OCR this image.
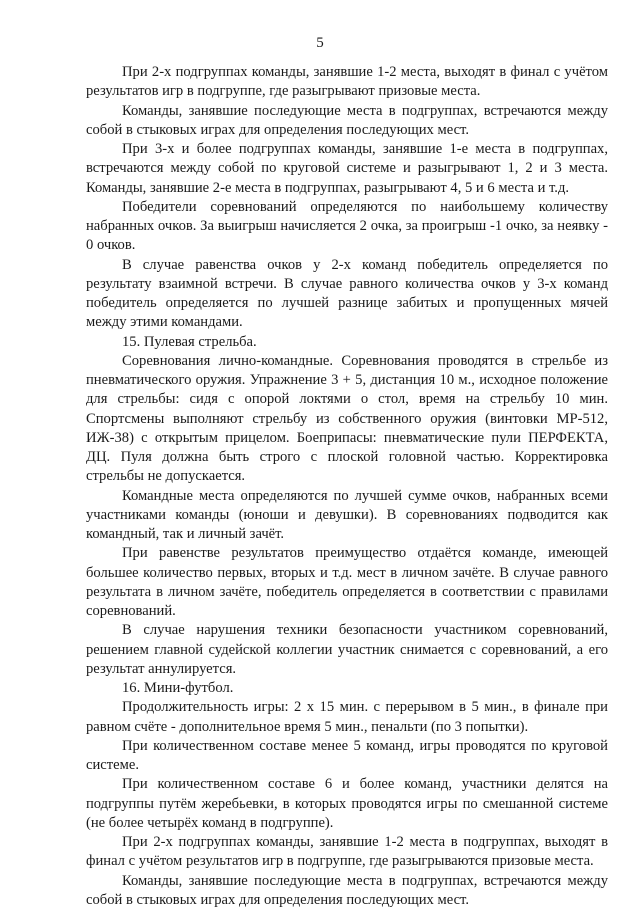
5

При 2-х подгруппах команды, занявшие 1-2 места, выходят в финал с учётом результатов игр в подгруппе, где разыгрывают призовые места.

Команды, занявшие последующие места в подгруппах, встречаются между собой в стыковых играх для определения последующих мест.

При 3-х и более подгруппах команды, занявшие 1-е места в подгруппах, встречаются между собой по круговой системе и разыгрывают 1, 2 и 3 места. Команды, занявшие 2-е места в подгруппах, разыгрывают 4, 5 и 6 места и т.д.

Победители соревнований определяются по наибольшему количеству набранных очков. За выигрыш начисляется 2 очка, за проигрыш -1 очко, за неявку - 0 очков.

В случае равенства очков у 2-х команд победитель определяется по результату взаимной встречи. В случае равного количества очков у 3-х команд победитель определяется по лучшей разнице забитых и пропущенных мячей между этими командами.

15. Пулевая стрельба.

Соревнования лично-командные. Соревнования проводятся в стрельбе из пневматического оружия. Упражнение 3 + 5, дистанция 10 м., исходное положение для стрельбы: сидя с опорой локтями о стол, время на стрельбу 10 мин. Спортсмены выполняют стрельбу из собственного оружия (винтовки МР-512, ИЖ-38) с открытым прицелом. Боеприпасы: пневматические пули ПЕРФЕКТА, ДЦ. Пуля должна быть строго с плоской головной частью. Корректировка стрельбы не допускается.

Командные места определяются по лучшей сумме очков, набранных всеми участниками команды (юноши и девушки). В соревнованиях подводится как командный, так и личный зачёт.

При равенстве результатов преимущество отдаётся команде, имеющей большее количество первых, вторых и т.д. мест в личном зачёте. В случае равного результата в личном зачёте, победитель определяется в соответствии с правилами соревнований.

В случае нарушения техники безопасности участником соревнований, решением главной судейской коллегии участник снимается с соревнований, а его результат аннулируется.

16. Мини-футбол.

Продолжительность игры: 2 х 15 мин. с перерывом в 5 мин., в финале при равном счёте - дополнительное время 5 мин., пенальти (по 3 попытки).

При количественном составе менее 5 команд, игры проводятся по круговой системе.

При количественном составе 6 и более команд, участники делятся на подгруппы путём жеребьевки, в которых проводятся игры по смешанной системе (не более четырёх команд в подгруппе).

При 2-х подгруппах команды, занявшие 1-2 места в подгруппах, выходят в финал с учётом результатов игр в подгруппе, где разыгрываются призовые места.

Команды, занявшие последующие места в подгруппах, встречаются между собой в стыковых играх для определения последующих мест.
